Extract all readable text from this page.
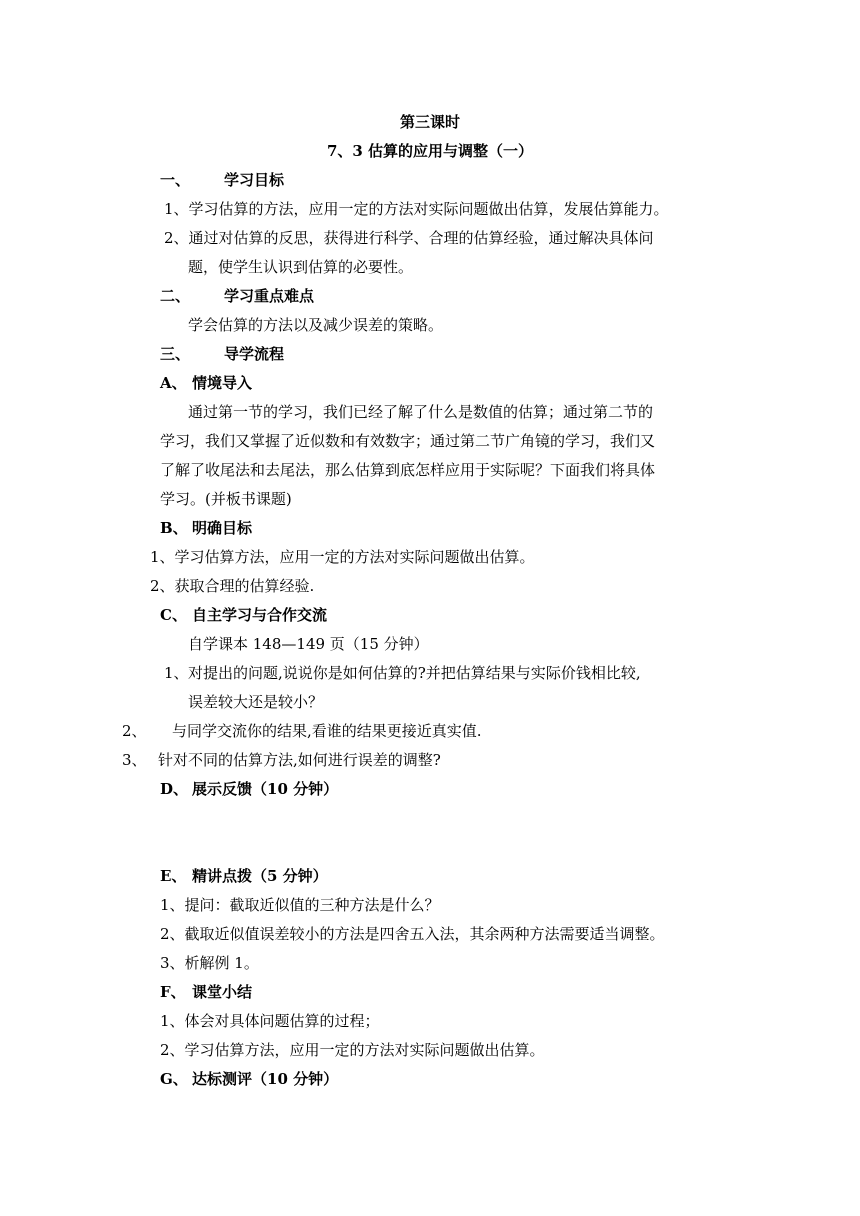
第三课时
7、3 估算的应用与调整（一）
一、 学习目标
1、学习估算的方法，应用一定的方法对实际问题做出估算，发展估算能力。
2、通过对估算的反思，获得进行科学、合理的估算经验，通过解决具体问
题，使学生认识到估算的必要性。
二、 学习重点难点
学会估算的方法以及减少误差的策略。
三、 导学流程
A、 情境导入
通过第一节的学习，我们已经了解了什么是数值的估算；通过第二节的
学习，我们又掌握了近似数和有效数字；通过第二节广角镜的学习，我们又
了解了收尾法和去尾法，那么估算到底怎样应用于实际呢？下面我们将具体
学习。(并板书课题)
B、 明确目标
1、学习估算方法，应用一定的方法对实际问题做出估算。
2、获取合理的估算经验.
C、 自主学习与合作交流
自学课本 148—149 页（15 分钟）
1、对提出的问题,说说你是如何估算的?并把估算结果与实际价钱相比较,
误差较大还是较小？
2、 与同学交流你的结果,看谁的结果更接近真实值.
3、 针对不同的估算方法,如何进行误差的调整?
D、 展示反馈（10 分钟）
E、 精讲点拨（5 分钟）
1、提问：截取近似值的三种方法是什么？
2、截取近似值误差较小的方法是四舍五入法，其余两种方法需要适当调整。
3、析解例 1。
F、 课堂小结
1、体会对具体问题估算的过程；
2、学习估算方法，应用一定的方法对实际问题做出估算。
G、 达标测评（10 分钟）
